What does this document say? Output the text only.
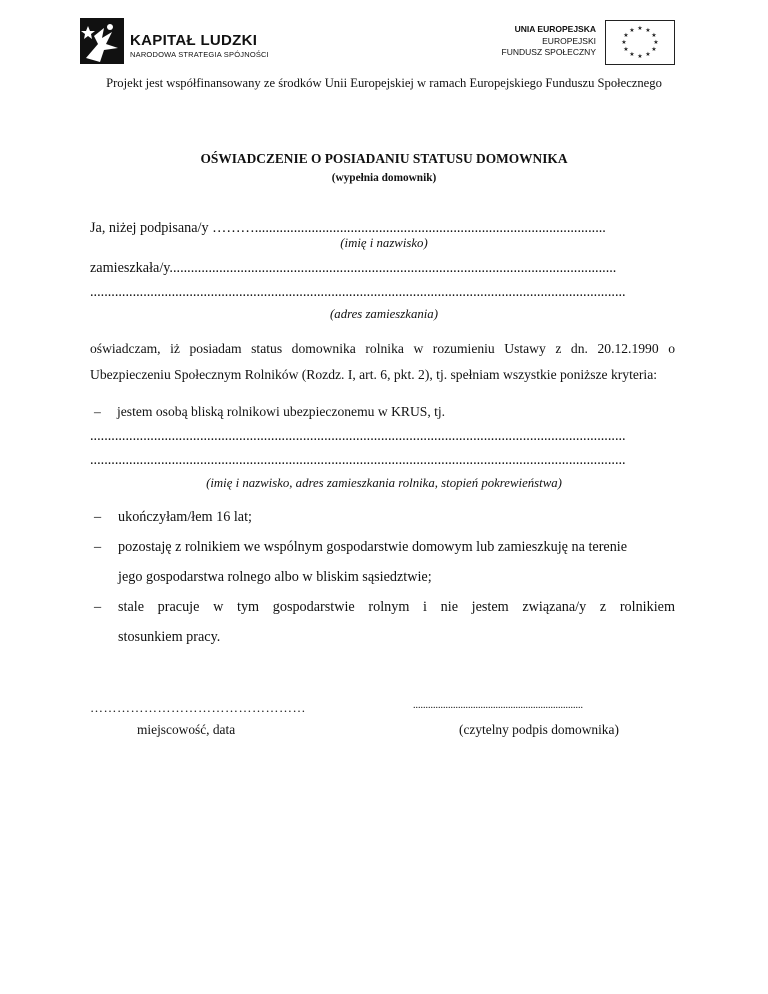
KAPITAŁ LUDZKI
NARODOWA STRATEGIA SPÓJNOŚCI
UNIA EUROPEJSKA
EUROPEJSKI
FUNDUSZ SPOŁECZNY
★ ★
★
★
★
★
★
★
★
★
★
★
Projekt jest współfinansowany ze środków Unii Europejskiej w ramach Europejskiego Funduszu Społecznego
OŚWIADCZENIE O POSIADANIU STATUSU DOMOWNIKA
(wypełnia domownik)
Ja, niżej podpisana/y ………...................................................................................................
(imię i nazwisko)
zamieszkała/y..............................................................................................................................
.......................................................................................................................................................
(adres zamieszkania)
oświadczam, iż posiadam status domownika rolnika w rozumieniu Ustawy z dn. 20.12.1990 o Ubezpieczeniu Społecznym Rolników (Rozdz. I, art. 6, pkt. 2), tj. spełniam wszystkie poniższe kryteria:
– jestem osobą bliską rolnikowi ubezpieczonemu w KRUS, tj.
.......................................................................................................................................................
.......................................................................................................................................................
(imię i nazwisko, adres zamieszkania rolnika, stopień pokrewieństwa)
– ukończyłam/łem 16 lat;
– pozostaję z rolnikiem we wspólnym gospodarstwie domowym lub zamieszkuję na terenie
jego gospodarstwa rolnego albo w bliskim sąsiedztwie;
– stale pracuje w tym gospodarstwie rolnym i nie jestem związana/y z rolnikiem
stosunkiem pracy.
…………………………………………
miejscowość, data
....................................................................
(czytelny podpis domownika)
